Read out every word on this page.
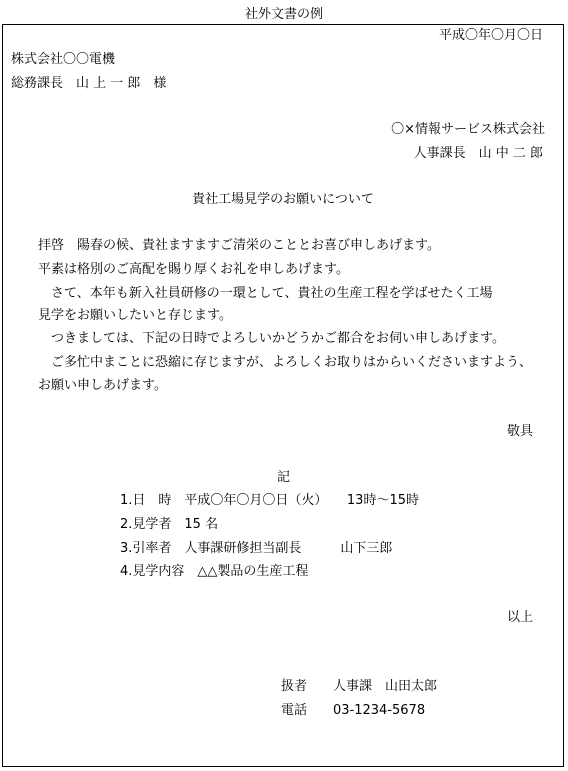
社外文書の例
平成〇年〇月〇日
株式会社〇〇電機
総務課長　山 上 一 郎　様
〇×情報サービス株式会社
人事課長　山 中 二 郎
貴社工場見学のお願いについて
拝啓　陽春の候、貴社ますますご清栄のこととお喜び申しあげます。
平素は格別のご高配を賜り厚くお礼を申しあげます。
　さて、本年も新入社員研修の一環として、貴社の生産工程を学ばせたく工場
見学をお願いしたいと存じます。
　つきましては、下記の日時でよろしいかどうかご都合をお伺い申しあげます。
　ご多忙中まことに恐縮に存じますが、よろしくお取りはからいくださいますよう、
お願い申しあげます。
敬具
記
1.日　時　平成〇年〇月〇日（火）　　13時～15時
2.見学者　15 名
3.引率者　人事課研修担当副長　　　山下三郎
4.見学内容　△△製品の生産工程
以上
扱者　　人事課　山田太郎
電話　　03-1234-5678
